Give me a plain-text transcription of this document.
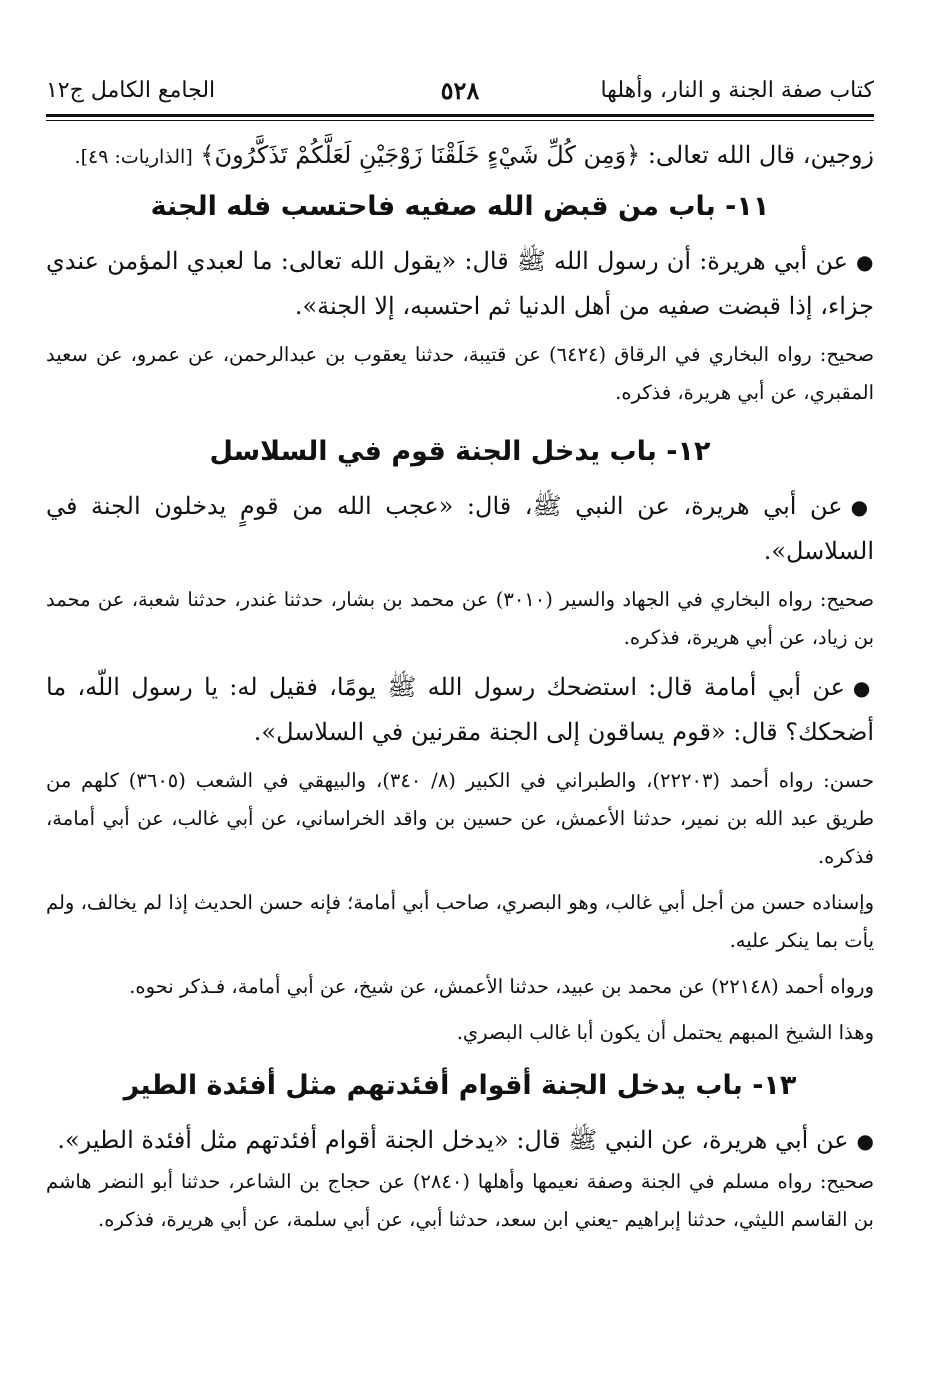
كتاب صفة الجنة و النار، وأهلها
٥٢٨
الجامع الكامل ج١٢

زوجين، قال الله تعالى: ﴿وَمِن كُلِّ شَيْءٍ خَلَقْنَا زَوْجَيْنِ لَعَلَّكُمْ تَذَكَّرُونَ﴾ [الذاريات: ٤٩].

١١- باب من قبض الله صفيه فاحتسب فله الجنة

●عن أبي هريرة: أن رسول الله ﷺ قال: «يقول الله تعالى: ما لعبدي المؤمن عندي جزاء، إذا قبضت صفيه من أهل الدنيا ثم احتسبه، إلا الجنة».

صحيح: رواه البخاري في الرقاق (٦٤٢٤) عن قتيبة، حدثنا يعقوب بن عبدالرحمن، عن عمرو، عن سعيد المقبري، عن أبي هريرة، فذكره.

١٢- باب يدخل الجنة قوم في السلاسل

●عن أبي هريرة، عن النبي ﷺ، قال: «عجب الله من قومٍ يدخلون الجنة في السلاسل».

صحيح: رواه البخاري في الجهاد والسير (٣٠١٠) عن محمد بن بشار، حدثنا غندر، حدثنا شعبة، عن محمد بن زياد، عن أبي هريرة، فذكره.

●عن أبي أمامة قال: استضحك رسول الله ﷺ يومًا، فقيل له: يا رسول اللّه، ما أضحكك؟ قال: «قوم يساقون إلى الجنة مقرنين في السلاسل».

حسن: رواه أحمد (٢٢٢٠٣)، والطبراني في الكبير (٨/ ٣٤٠)، والبيهقي في الشعب (٣٦٠٥) كلهم من طريق عبد الله بن نمير، حدثنا الأعمش، عن حسين بن واقد الخراساني، عن أبي غالب، عن أبي أمامة، فذكره.

وإسناده حسن من أجل أبي غالب، وهو البصري، صاحب أبي أمامة؛ فإنه حسن الحديث إذا لم يخالف، ولم يأت بما ينكر عليه.

ورواه أحمد (٢٢١٤٨) عن محمد بن عبيد، حدثنا الأعمش، عن شيخ، عن أبي أمامة، فـذكر نحوه.

وهذا الشيخ المبهم يحتمل أن يكون أبا غالب البصري.

١٣- باب يدخل الجنة أقوام أفئدتهم مثل أفئدة الطير

●عن أبي هريرة، عن النبي ﷺ قال: «يدخل الجنة أقوام أفئدتهم مثل أفئدة الطير».

صحيح: رواه مسلم في الجنة وصفة نعيمها وأهلها (٢٨٤٠) عن حجاج بن الشاعر، حدثنا أبو النضر هاشم بن القاسم الليثي، حدثنا إبراهيم -يعني ابن سعد، حدثنا أبي، عن أبي سلمة، عن أبي هريرة، فذكره.
